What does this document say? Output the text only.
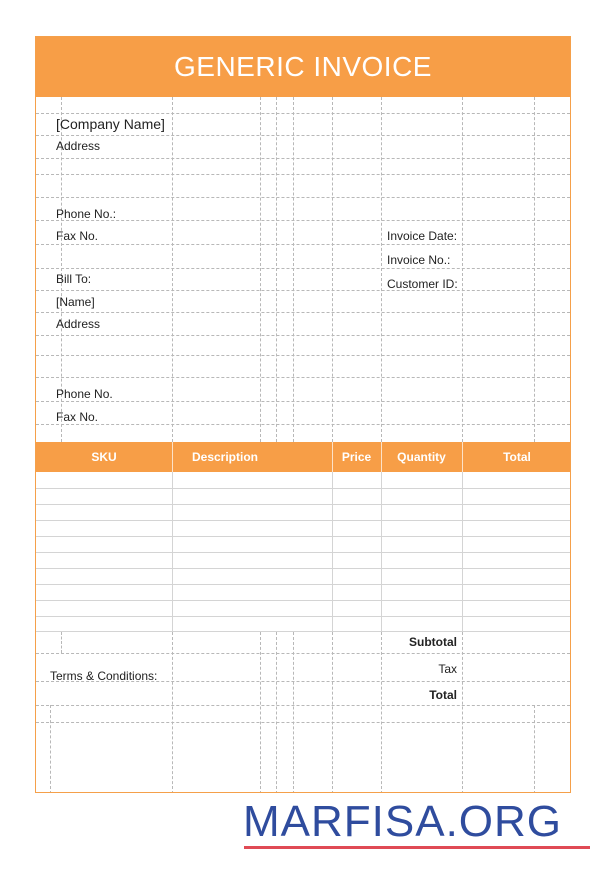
GENERIC INVOICE
[Company Name]
Address
Phone No.:
Fax No.	Invoice Date:
Invoice No.:
Customer ID:
Bill To:
[Name]
Address
Phone No.
Fax No.
SKU	Description	Price	Quantity	Total
Terms & Conditions:
Subtotal
Tax
Total
MARFISA.ORG
